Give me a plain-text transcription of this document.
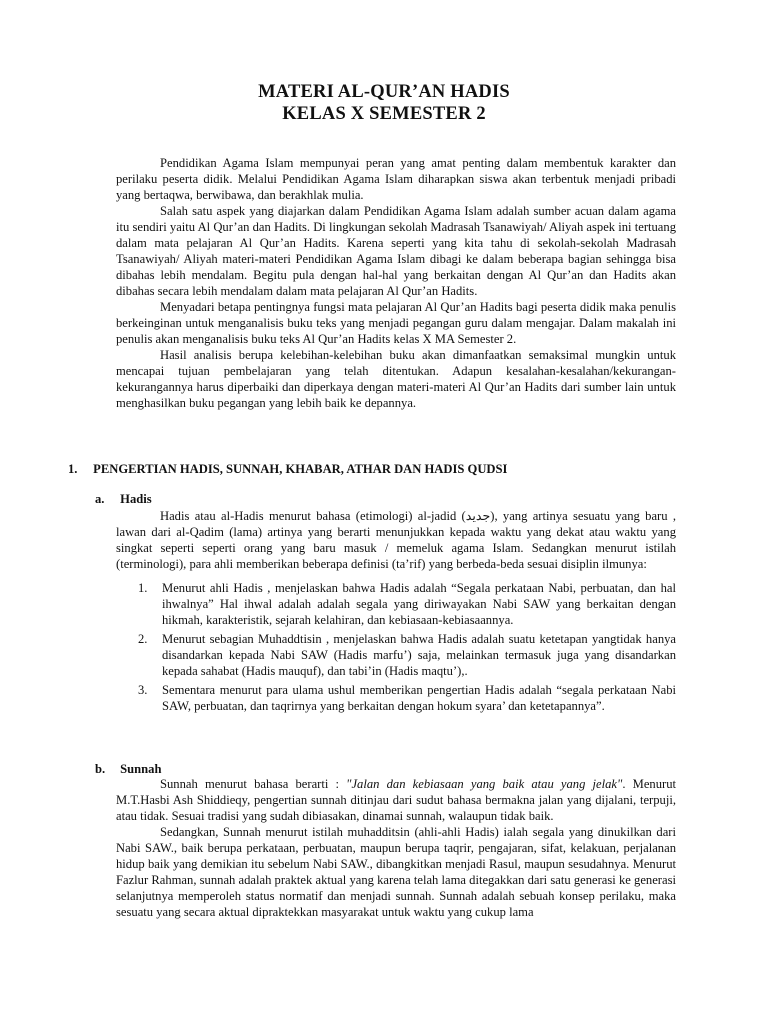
MATERI AL-QUR’AN HADIS
KELAS X SEMESTER 2

Pendidikan Agama Islam mempunyai peran yang amat penting dalam membentuk karakter dan perilaku peserta didik. Melalui Pendidikan Agama Islam diharapkan siswa akan terbentuk menjadi pribadi yang bertaqwa, berwibawa, dan berakhlak mulia.

Salah satu aspek yang diajarkan dalam Pendidikan Agama Islam adalah sumber acuan dalam agama itu sendiri yaitu Al Qur’an dan Hadits. Di lingkungan sekolah Madrasah Tsanawiyah/ Aliyah aspek ini tertuang dalam mata pelajaran Al Qur’an Hadits. Karena seperti yang kita tahu di sekolah-sekolah Madrasah Tsanawiyah/ Aliyah materi-materi Pendidikan Agama Islam dibagi ke dalam beberapa bagian sehingga bisa dibahas lebih mendalam. Begitu pula dengan hal-hal yang berkaitan dengan Al Qur’an dan Hadits akan dibahas secara lebih mendalam dalam mata pelajaran Al Qur’an Hadits.

Menyadari betapa pentingnya fungsi mata pelajaran Al Qur’an Hadits bagi peserta didik maka penulis berkeinginan untuk menganalisis buku teks yang menjadi pegangan guru dalam mengajar. Dalam makalah ini penulis akan menganalisis buku teks Al Qur’an Hadits kelas X MA Semester 2.

Hasil analisis berupa kelebihan-kelebihan buku akan dimanfaatkan semaksimal mungkin untuk mencapai tujuan pembelajaran yang telah ditentukan. Adapun kesalahan-kesalahan/kekurangan-kekurangannya harus diperbaiki dan diperkaya dengan materi-materi Al Qur’an Hadits dari sumber lain untuk menghasilkan buku pegangan yang lebih baik ke depannya.

1. PENGERTIAN HADIS, SUNNAH, KHABAR, ATHAR DAN HADIS QUDSI
a. Hadis

Hadis atau al-Hadis menurut bahasa (etimologi) al-jadid (جديد), yang artinya sesuatu yang baru , lawan dari al-Qadim (lama) artinya yang berarti menunjukkan kepada waktu yang dekat atau waktu yang singkat seperti seperti orang yang baru masuk / memeluk agama Islam. Sedangkan menurut istilah (terminologi), para ahli memberikan beberapa definisi (ta’rif) yang berbeda-beda sesuai disiplin ilmunya:

1. Menurut ahli Hadis , menjelaskan bahwa Hadis adalah “Segala perkataan Nabi, perbuatan, dan hal ihwalnya” Hal ihwal adalah adalah segala yang diriwayakan Nabi SAW yang berkaitan dengan hikmah, karakteristik, sejarah kelahiran, dan kebiasaan-kebiasaannya.
2. Menurut sebagian Muhaddtisin , menjelaskan bahwa Hadis adalah suatu ketetapan yangtidak hanya disandarkan kepada Nabi SAW (Hadis marfu’) saja, melainkan termasuk juga yang disandarkan kepada sahabat (Hadis mauquf), dan tabi’in (Hadis maqtu’),.
3. Sementara menurut para ulama ushul memberikan pengertian Hadis adalah “segala perkataan Nabi SAW, perbuatan, dan taqrirnya yang berkaitan dengan hokum syara’ dan ketetapannya”.
b. Sunnah

Sunnah menurut bahasa berarti : "Jalan dan kebiasaan yang baik atau yang jelak". Menurut M.T.Hasbi Ash Shiddieqy, pengertian sunnah ditinjau dari sudut bahasa bermakna jalan yang dijalani, terpuji, atau tidak. Sesuai tradisi yang sudah dibiasakan, dinamai sunnah, walaupun tidak baik.

Sedangkan, Sunnah menurut istilah muhadditsin (ahli-ahli Hadis) ialah segala yang dinukilkan dari Nabi SAW., baik berupa perkataan, perbuatan, maupun berupa taqrir, pengajaran, sifat, kelakuan, perjalanan hidup baik yang demikian itu sebelum Nabi SAW., dibangkitkan menjadi Rasul, maupun sesudahnya. Menurut Fazlur Rahman, sunnah adalah praktek aktual yang karena telah lama ditegakkan dari satu generasi ke generasi selanjutnya memperoleh status normatif dan menjadi sunnah. Sunnah adalah sebuah konsep perilaku, maka sesuatu yang secara aktual dipraktekkan masyarakat untuk waktu yang cukup lama
